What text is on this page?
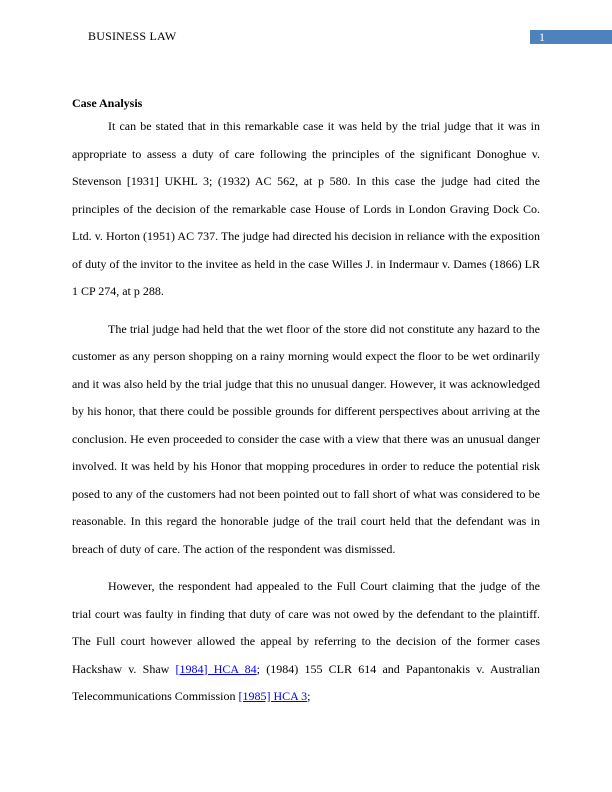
BUSINESS LAW	1
Case Analysis

It can be stated that in this remarkable case it was held by the trial judge that it was in appropriate to assess a duty of care following the principles of the significant Donoghue v. Stevenson [1931] UKHL 3; (1932) AC 562, at p 580. In this case the judge had cited the principles of the decision of the remarkable case House of Lords in London Graving Dock Co. Ltd. v. Horton (1951) AC 737. The judge had directed his decision in reliance with the exposition of duty of the invitor to the invitee as held in the case Willes J. in Indermaur v. Dames (1866) LR 1 CP 274, at p 288.

The trial judge had held that the wet floor of the store did not constitute any hazard to the customer as any person shopping on a rainy morning would expect the floor to be wet ordinarily and it was also held by the trial judge that this no unusual danger. However, it was acknowledged by his honor, that there could be possible grounds for different perspectives about arriving at the conclusion. He even proceeded to consider the case with a view that there was an unusual danger involved. It was held by his Honor that mopping procedures in order to reduce the potential risk posed to any of the customers had not been pointed out to fall short of what was considered to be reasonable. In this regard the honorable judge of the trail court held that the defendant was in breach of duty of care. The action of the respondent was dismissed.

However, the respondent had appealed to the Full Court claiming that the judge of the trial court was faulty in finding that duty of care was not owed by the defendant to the plaintiff. The Full court however allowed the appeal by referring to the decision of the former cases Hackshaw v. Shaw [1984] HCA 84; (1984) 155 CLR 614 and Papantonakis v. Australian Telecommunications Commission [1985] HCA 3;
